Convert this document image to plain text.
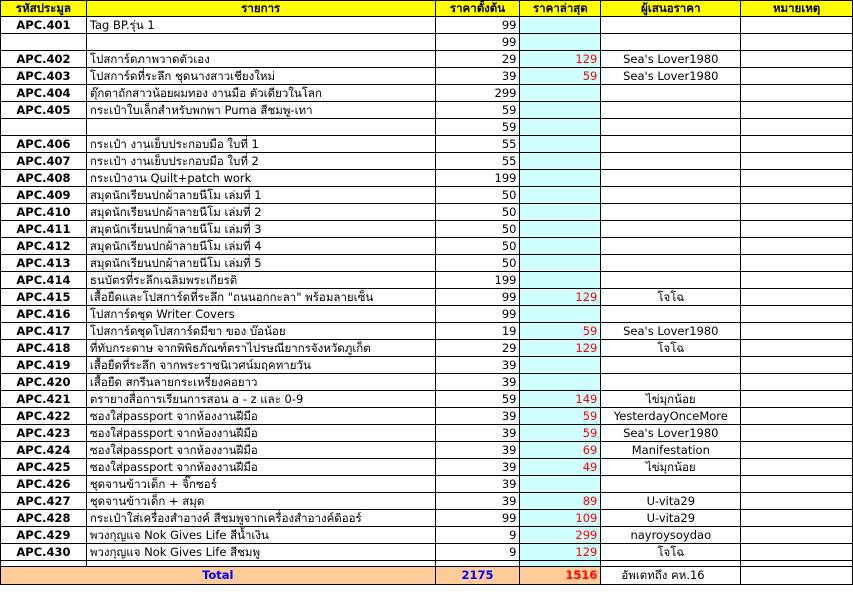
รหัสประมูล	รายการ	ราคาตั้งต้น	ราคาล่าสุด	ผู้เสนอราคา	หมายเหตุ
APC.401	Tag BP.รุ่น 1	99			
		99			
APC.402	โปสการ์ดภาพวาดตัวเอง	29	129	Sea's Lover1980	
APC.403	โปสการ์ดที่ระลึก ชุดนางสาวเชียงใหม่	39	59	Sea's Lover1980	
APC.404	ตุ๊กตาถักสาวน้อยผมทอง งานมือ ตัวเดียวในโลก	299			
APC.405	กระเป๋าใบเล็กสำหรับพกพา Puma สีชมพู-เทา	59			
		59			
APC.406	กระเป๋า งานเย็บประกอบมือ ใบที่ 1	55			
APC.407	กระเป๋า งานเย็บประกอบมือ ใบที่ 2	55			
APC.408	กระเป๋างาน Quilt+patch work	199			
APC.409	สมุดนักเรียนปกผ้าลายนีโม เล่มที่ 1	50			
APC.410	สมุดนักเรียนปกผ้าลายนีโม เล่มที่ 2	50			
APC.411	สมุดนักเรียนปกผ้าลายนีโม เล่มที่ 3	50			
APC.412	สมุดนักเรียนปกผ้าลายนีโม เล่มที่ 4	50			
APC.413	สมุดนักเรียนปกผ้าลายนีโม เล่มที่ 5	50			
APC.414	ธนบัตรที่ระลึกเฉลิมพระเกียรติ	199			
APC.415	เสื้อยืดและโปสการ์ดที่ระลึก "ถนนอกกะลา" พร้อมลายเซ็น	99	129	โจโฉ	
APC.416	โปสการ์ดชุด Writer Covers	99			
APC.417	โปสการ์ดชุดโปสการ์ดมีขา ของ บ๊อน้อย	19	59	Sea's Lover1980	
APC.418	ที่ทับกระดาษ จากพิพิธภัณฑ์ตราไปรษณียากรจังหวัดภูเก็ต	29	129	โจโฉ	
APC.419	เสื้อยืดที่ระลึก จากพระราชนิเวศน์มฤคทายวัน	39			
APC.420	เสื้อยืด สกรีนลายกระเหรี่ยงคอยาว	39			
APC.421	ตรายางสื่อการเรียนการสอน a - z และ 0-9	59	149	ไข่มุกน้อย	
APC.422	ซองใส่passport จากห้องงานฝีมือ	39	59	YesterdayOnceMore	
APC.423	ซองใส่passport จากห้องงานฝีมือ	39	59	Sea's Lover1980	
APC.424	ซองใส่passport จากห้องงานฝีมือ	39	69	Manifestation	
APC.425	ซองใส่passport จากห้องงานฝีมือ	39	49	ไข่มุกน้อย	
APC.426	ชุดจานข้าวเด็ก + จิ๊กซอร์	39			
APC.427	ชุดจานข้าวเด็ก + สมุด	39	89	U-vita29	
APC.428	กระเป๋าใส่เครื่องสำอางค์ สีชมพูจากเครื่องสำอางค์ดิออร์	99	109	U-vita29	
APC.429	พวงกุญแจ Nok Gives Life สีน้ำเงิน	9	299	nayroysoydao	
APC.430	พวงกุญแจ Nok Gives Life สีชมพู	9	129	โจโฉ	

Total		2175	1516	อัพเดทถึง คห.16	
